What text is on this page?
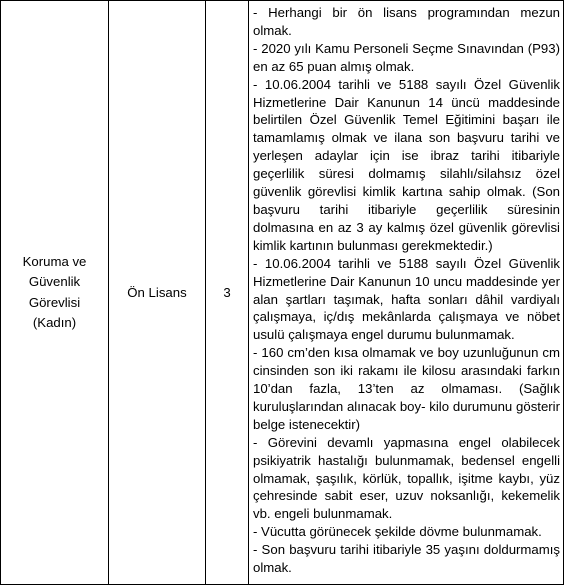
Koruma ve
Güvenlik
Görevlisi
(Kadın)
Ön Lisans	3

- Herhangi bir ön lisans programından mezun olmak.

- 2020 yılı Kamu Personeli Seçme Sınavından (P93) en az 65 puan almış olmak.

- 10.06.2004 tarihli ve 5188 sayılı Özel Güvenlik Hizmetlerine Dair Kanunun 14 üncü maddesinde belirtilen Özel Güvenlik Temel Eğitimini başarı ile tamamlamış olmak ve ilana son başvuru tarihi ve yerleşen adaylar için ise ibraz tarihi itibariyle geçerlilik süresi dolmamış silahlı/silahsız özel güvenlik görevlisi kimlik kartına sahip olmak. (Son başvuru tarihi itibariyle geçerlilik süresinin dolmasına en az 3 ay kalmış özel güvenlik görevlisi kimlik kartının bulunması gerekmektedir.)

- 10.06.2004 tarihli ve 5188 sayılı Özel Güvenlik Hizmetlerine Dair Kanunun 10 uncu maddesinde yer alan şartları taşımak, hafta sonları dâhil vardiyalı çalışmaya, iç/dış mekânlarda çalışmaya ve nöbet usulü çalışmaya engel durumu bulunmamak.

- 160 cm’den kısa olmamak ve boy uzunluğunun cm cinsinden son iki rakamı ile kilosu arasındaki farkın 10’dan fazla, 13’ten az olmaması. (Sağlık kuruluşlarından alınacak boy- kilo durumunu gösterir belge istenecektir)

- Görevini devamlı yapmasına engel olabilecek psikiyatrik hastalığı bulunmamak, bedensel engelli olmamak, şaşılık, körlük, topallık, işitme kaybı, yüz çehresinde sabit eser, uzuv noksanlığı, kekemelik vb. engeli bulunmamak.

- Vücutta görünecek şekilde dövme bulunmamak.

- Son başvuru tarihi itibariyle 35 yaşını doldurmamış olmak.
